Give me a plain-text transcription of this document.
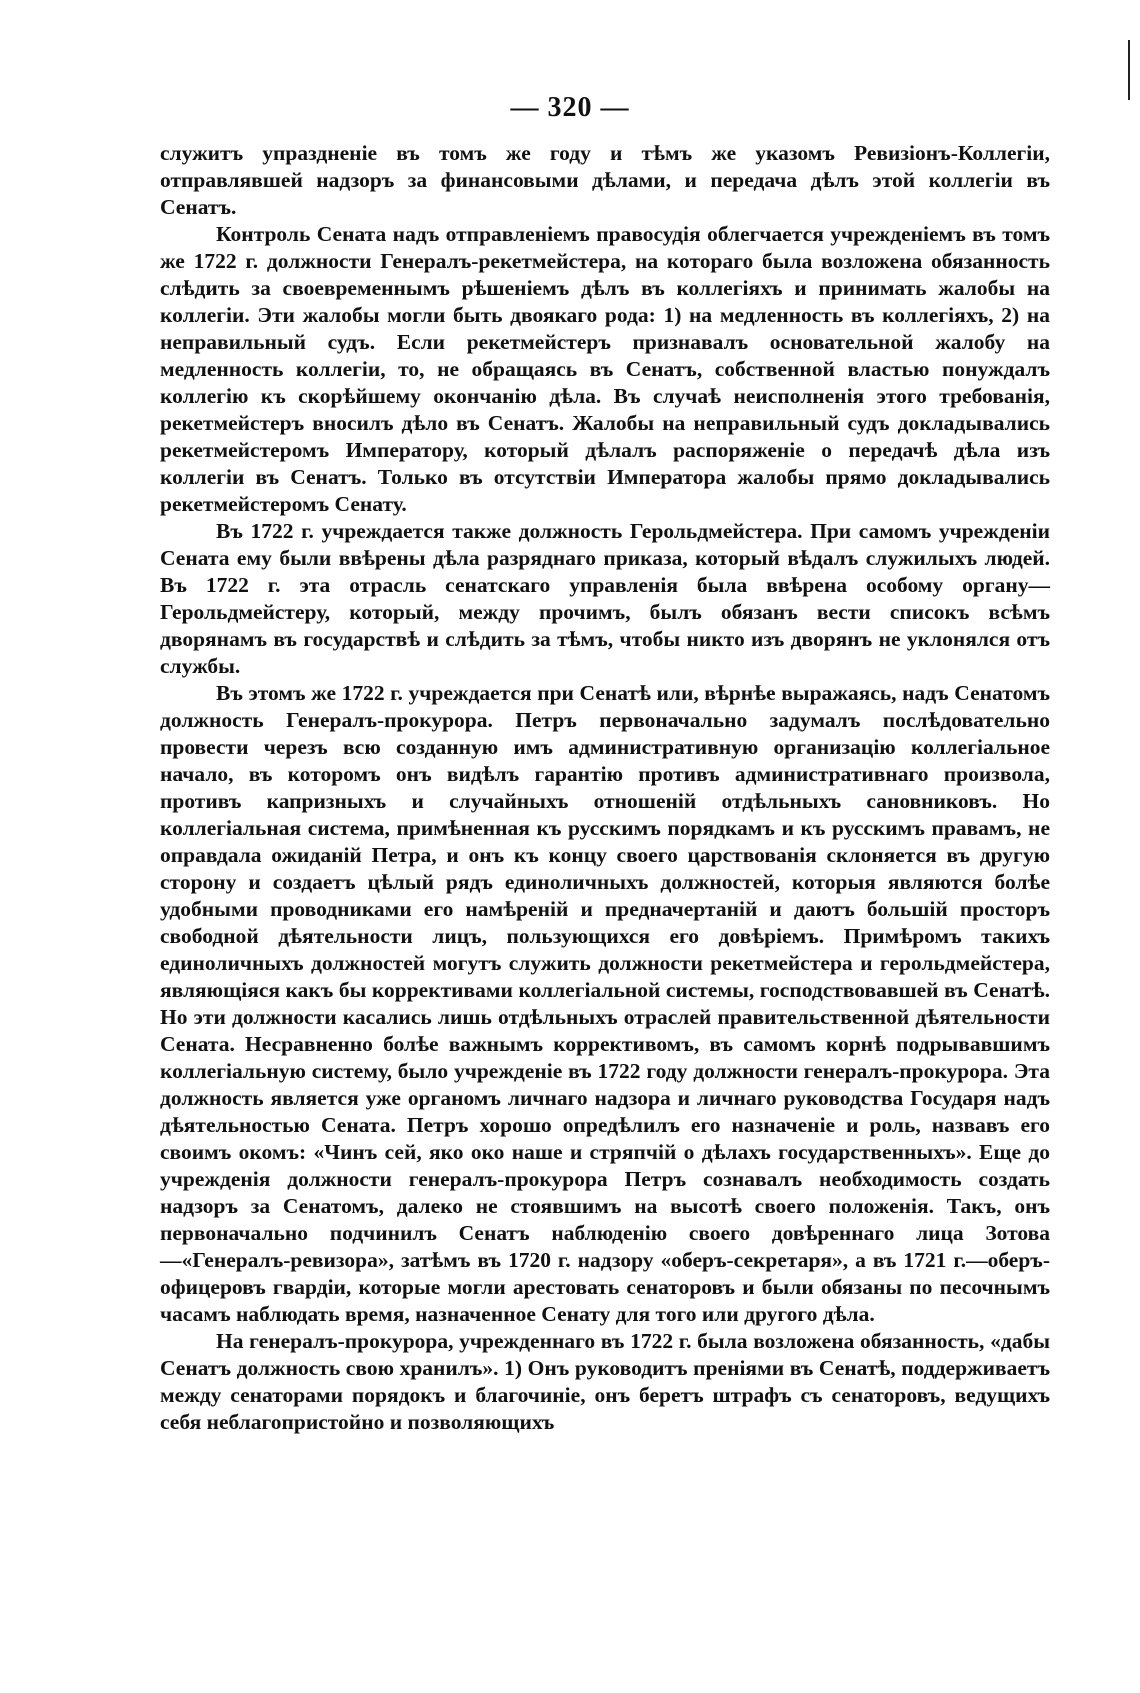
— 320 —

служитъ упраздненіе въ томъ же году и тѣмъ же указомъ Ревизіонъ-Коллегіи, отправлявшей надзоръ за финансовыми дѣлами, и передача дѣлъ этой коллегіи въ Сенатъ.

Контроль Сената надъ отправленіемъ правосудія облегчается учрежденіемъ въ томъ же 1722 г. должности Генералъ-рекетмейстера, на котораго была возложена обязанность слѣдить за своевременнымъ рѣшеніемъ дѣлъ въ коллегіяхъ и принимать жалобы на коллегіи. Эти жалобы могли быть двоякаго рода: 1) на медленность въ коллегіяхъ, 2) на неправильный судъ. Если рекетмейстеръ признавалъ основательной жалобу на медленность коллегіи, то, не обращаясь въ Сенатъ, собственной властью понуждалъ коллегію къ скорѣйшему окончанію дѣла. Въ случаѣ неисполненія этого требованія, рекетмейстеръ вносилъ дѣло въ Сенатъ. Жалобы на неправильный судъ докладывались рекетмейстеромъ Императору, который дѣлалъ распоряженіе о передачѣ дѣла изъ коллегіи въ Сенатъ. Только въ отсутствіи Императора жалобы прямо докладывались рекетмейстеромъ Сенату.

Въ 1722 г. учреждается также должность Герольдмейстера. При самомъ учрежденіи Сената ему были ввѣрены дѣла разряднаго приказа, который вѣдалъ служилыхъ людей. Въ 1722 г. эта отрасль сенатскаго управленія была ввѣрена особому органу—Герольдмейстеру, который, между прочимъ, былъ обязанъ вести списокъ всѣмъ дворянамъ въ государствѣ и слѣдить за тѣмъ, чтобы никто изъ дворянъ не уклонялся отъ службы.

Въ этомъ же 1722 г. учреждается при Сенатѣ или, вѣрнѣе выражаясь, надъ Сенатомъ должность Генералъ-прокурора. Петръ первоначально задумалъ послѣдовательно провести черезъ всю созданную имъ административную организацію коллегіальное начало, въ которомъ онъ видѣлъ гарантію противъ административнаго произвола, противъ капризныхъ и случайныхъ отношеній отдѣльныхъ сановниковъ. Но коллегіальная система, примѣненная къ русскимъ порядкамъ и къ русскимъ правамъ, не оправдала ожиданій Петра, и онъ къ концу своего царствованія склоняется въ другую сторону и создаетъ цѣлый рядъ единоличныхъ должностей, которыя являются болѣе удобными проводниками его намѣреній и предначертаній и даютъ большій просторъ свободной дѣятельности лицъ, пользующихся его довѣріемъ. Примѣромъ такихъ единоличныхъ должностей могутъ служить должности рекетмейстера и герольдмейстера, являющіяся какъ бы коррективами коллегіальной системы, господствовавшей въ Сенатѣ. Но эти должности касались лишь отдѣльныхъ отраслей правительственной дѣятельности Сената. Несравненно болѣе важнымъ коррективомъ, въ самомъ корнѣ подрывавшимъ коллегіальную систему, было учрежденіе въ 1722 году должности генералъ-прокурора. Эта должность является уже органомъ личнаго надзора и личнаго руководства Государя надъ дѣятельностью Сената. Петръ хорошо опредѣлилъ его назначеніе и роль, назвавъ его своимъ окомъ: «Чинъ сей, яко око наше и стряпчій о дѣлахъ государственныхъ». Еще до учрежденія должности генералъ-прокурора Петръ сознавалъ необходимость создать надзоръ за Сенатомъ, далеко не стоявшимъ на высотѣ своего положенія. Такъ, онъ первоначально подчинилъ Сенатъ наблюденію своего довѣреннаго лица Зотова—«Генералъ-ревизора», затѣмъ въ 1720 г. надзору «оберъ-секретаря», а въ 1721 г.—оберъ-офицеровъ гвардіи, которые могли арестовать сенаторовъ и были обязаны по песочнымъ часамъ наблюдать время, назначенное Сенату для того или другого дѣла.

На генералъ-прокурора, учрежденнаго въ 1722 г. была возложена обязанность, «дабы Сенатъ должность свою хранилъ». 1) Онъ руководитъ преніями въ Сенатѣ, поддерживаетъ между сенаторами порядокъ и благочиніе, онъ беретъ штрафъ съ сенаторовъ, ведущихъ себя неблагопристойно и позволяющихъ
